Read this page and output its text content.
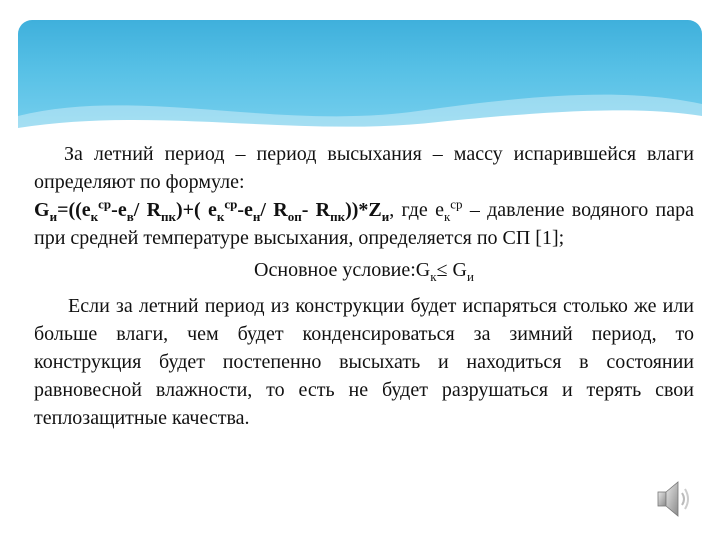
За летний период – период высыхания – массу испарившейся влаги определяют по формуле:

$G_и=((e_к^{ср}-e_в/$ $R_{пк})+$( $e_к^{ср}-e_н/$ $R_{оп}-$ $R_{пк}))*Z_и$, где $e_к^{ср}$ – давление водяного пара при средней температуре высыхания, определяется по СП [1];

Основное $условие:G_к\le G_и$

Если за летний период из конструкции будет испаряться столько же или больше влаги, чем будет конденсироваться за зимний период, то конструкция будет постепенно высыхать и находиться в состоянии равновесной влажности, то есть не будет разрушаться и терять свои теплозащитные качества.
